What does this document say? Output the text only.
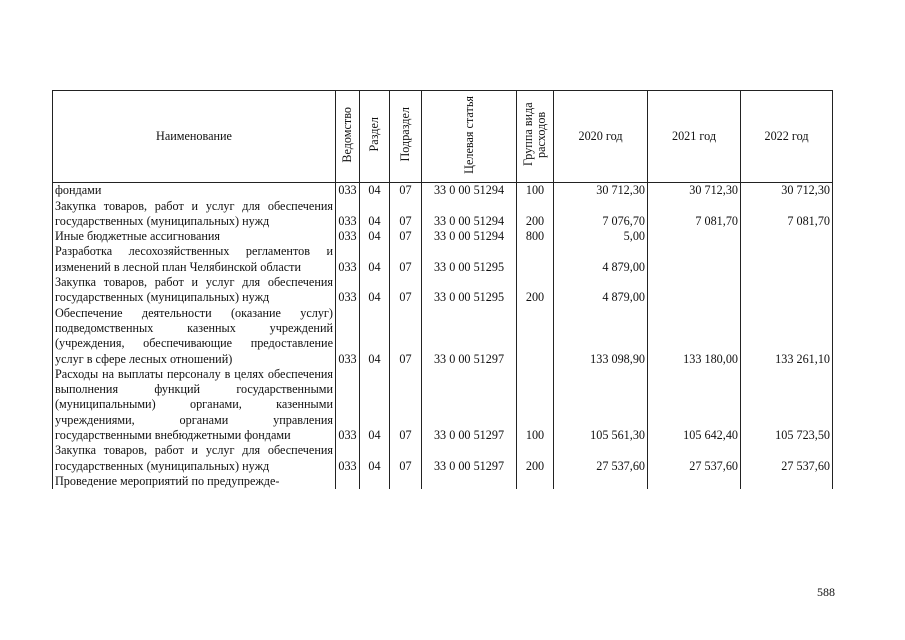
Наименование	Ведомство	Раздел	Подраздел	Целевая статья	Группа вида расходов	2020 год	2021 год	2022 год
фондами	033	04	07	33 0 00 51294	100	30 712,30	30 712,30	30 712,30
Закупка товаров, работ и услуг для обеспечения государственных (муниципальных) нужд	033	04	07	33 0 00 51294	200	7 076,70	7 081,70	7 081,70
Иные бюджетные ассигнования	033	04	07	33 0 00 51294	800	5,00		
Разработка лесохозяйственных регламентов и изменений в лесной план Челябинской области	033	04	07	33 0 00 51295		4 879,00		
Закупка товаров, работ и услуг для обеспечения государственных (муниципальных) нужд	033	04	07	33 0 00 51295	200	4 879,00		
Обеспечение деятельности (оказание услуг) подведомственных казенных учреждений (учреждения, обеспечивающие предоставление услуг в сфере лесных отношений)	033	04	07	33 0 00 51297		133 098,90	133 180,00	133 261,10
Расходы на выплаты персоналу в целях обеспечения выполнения функций государственными (муниципальными) органами, казенными учреждениями, органами управления государственными внебюджетными фондами	033	04	07	33 0 00 51297	100	105 561,30	105 642,40	105 723,50
Закупка товаров, работ и услуг для обеспечения государственных (муниципальных) нужд	033	04	07	33 0 00 51297	200	27 537,60	27 537,60	27 537,60
Проведение мероприятий по предупрежде-								
588
